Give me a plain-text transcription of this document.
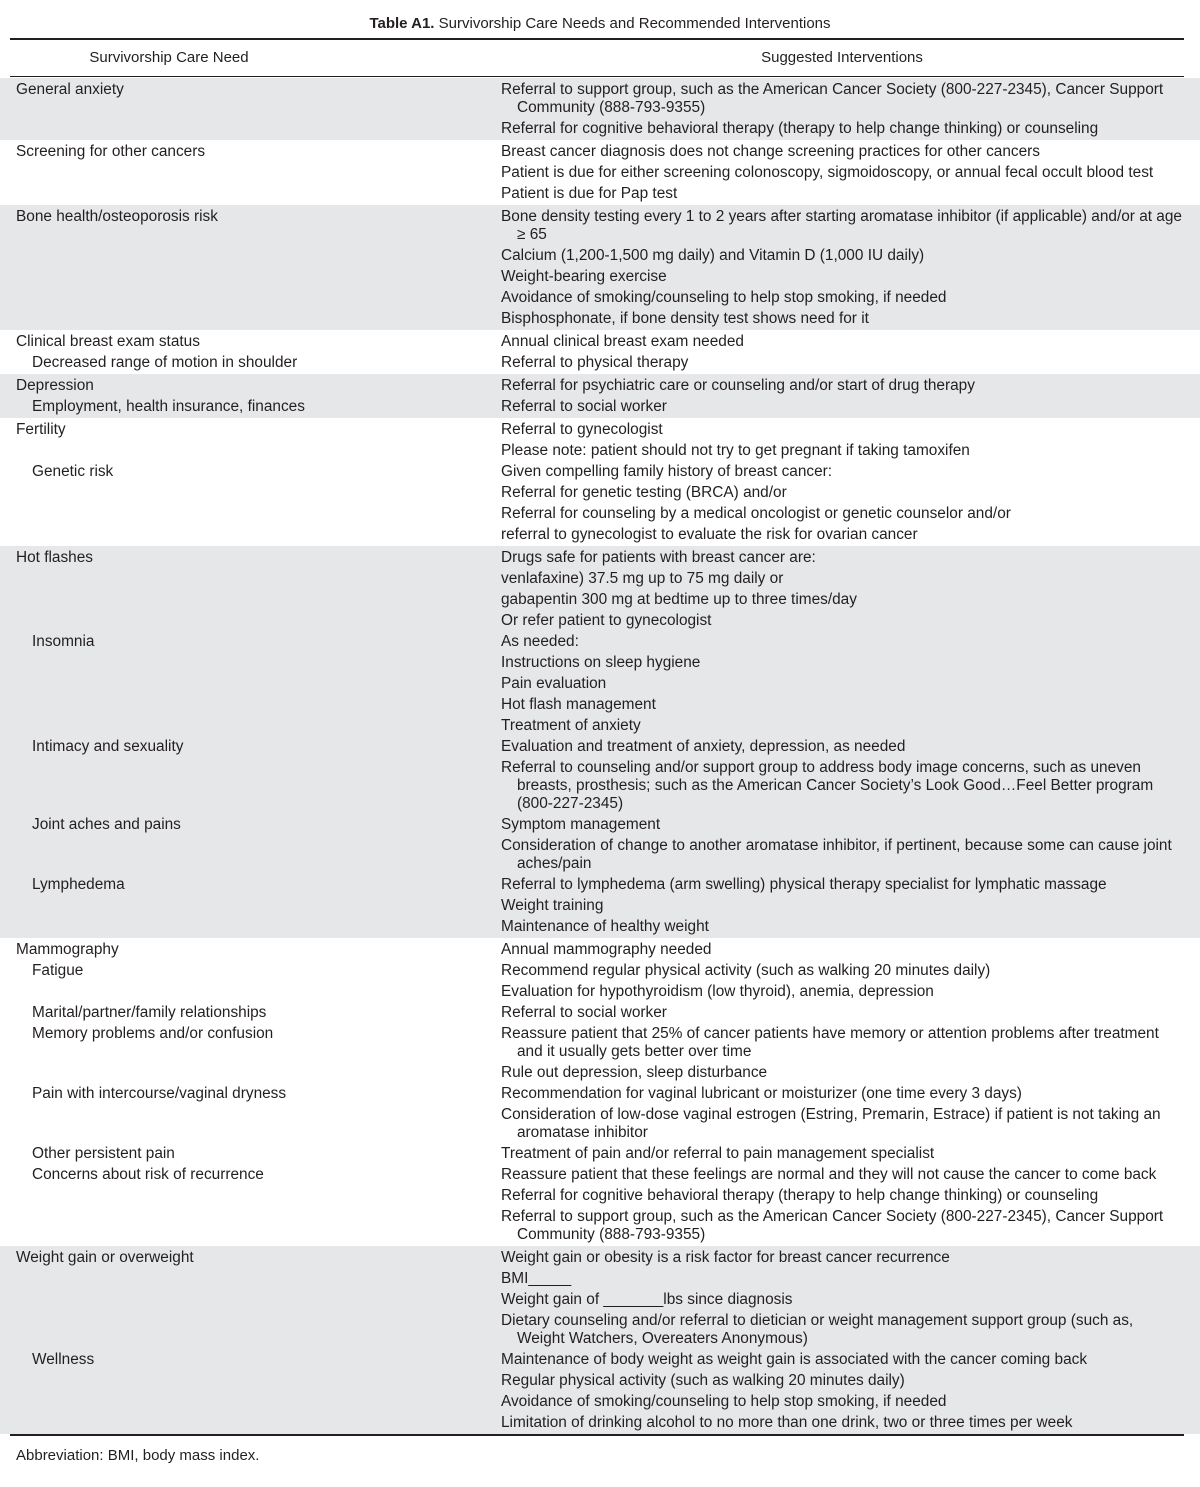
Table A1. Survivorship Care Needs and Recommended Interventions
Survivorship Care Need	Suggested Interventions
General anxiety	Referral to support group, such as the American Cancer Society (800-227-2345), Cancer Support Community (888-793-9355)
Referral for cognitive behavioral therapy (therapy to help change thinking) or counseling
Screening for other cancers	Breast cancer diagnosis does not change screening practices for other cancers
Patient is due for either screening colonoscopy, sigmoidoscopy, or annual fecal occult blood test
Patient is due for Pap test
Bone health/osteoporosis risk	Bone density testing every 1 to 2 years after starting aromatase inhibitor (if applicable) and/or at age ≥ 65
Calcium (1,200-1,500 mg daily) and Vitamin D (1,000 IU daily)
Weight-bearing exercise
Avoidance of smoking/counseling to help stop smoking, if needed
Bisphosphonate, if bone density test shows need for it
Clinical breast exam status	Annual clinical breast exam needed
Decreased range of motion in shoulder	Referral to physical therapy
Depression	Referral for psychiatric care or counseling and/or start of drug therapy
Employment, health insurance, finances	Referral to social worker
Fertility	Referral to gynecologist
Please note: patient should not try to get pregnant if taking tamoxifen
Genetic risk	Given compelling family history of breast cancer:
Referral for genetic testing (BRCA) and/or
Referral for counseling by a medical oncologist or genetic counselor and/or
referral to gynecologist to evaluate the risk for ovarian cancer
Hot flashes	Drugs safe for patients with breast cancer are:
venlafaxine) 37.5 mg up to 75 mg daily or
gabapentin 300 mg at bedtime up to three times/day
Or refer patient to gynecologist
Insomnia	As needed:
Instructions on sleep hygiene
Pain evaluation
Hot flash management
Treatment of anxiety
Intimacy and sexuality	Evaluation and treatment of anxiety, depression, as needed
Referral to counseling and/or support group to address body image concerns, such as uneven breasts, prosthesis; such as the American Cancer Society’s Look Good…Feel Better program (800-227-2345)
Joint aches and pains	Symptom management
Consideration of change to another aromatase inhibitor, if pertinent, because some can cause joint aches/pain
Lymphedema	Referral to lymphedema (arm swelling) physical therapy specialist for lymphatic massage
Weight training
Maintenance of healthy weight
Mammography	Annual mammography needed
Fatigue	Recommend regular physical activity (such as walking 20 minutes daily)
Evaluation for hypothyroidism (low thyroid), anemia, depression
Marital/partner/family relationships	Referral to social worker
Memory problems and/or confusion	Reassure patient that 25% of cancer patients have memory or attention problems after treatment and it usually gets better over time
Rule out depression, sleep disturbance
Pain with intercourse/vaginal dryness	Recommendation for vaginal lubricant or moisturizer (one time every 3 days)
Consideration of low-dose vaginal estrogen (Estring, Premarin, Estrace) if patient is not taking an aromatase inhibitor
Other persistent pain	Treatment of pain and/or referral to pain management specialist
Concerns about risk of recurrence	Reassure patient that these feelings are normal and they will not cause the cancer to come back
Referral for cognitive behavioral therapy (therapy to help change thinking) or counseling
Referral to support group, such as the American Cancer Society (800-227-2345), Cancer Support Community (888-793-9355)
Weight gain or overweight	Weight gain or obesity is a risk factor for breast cancer recurrence
BMI_____
Weight gain of _______lbs since diagnosis
Dietary counseling and/or referral to dietician or weight management support group (such as, Weight Watchers, Overeaters Anonymous)
Wellness	Maintenance of body weight as weight gain is associated with the cancer coming back
Regular physical activity (such as walking 20 minutes daily)
Avoidance of smoking/counseling to help stop smoking, if needed
Limitation of drinking alcohol to no more than one drink, two or three times per week
Abbreviation: BMI, body mass index.
